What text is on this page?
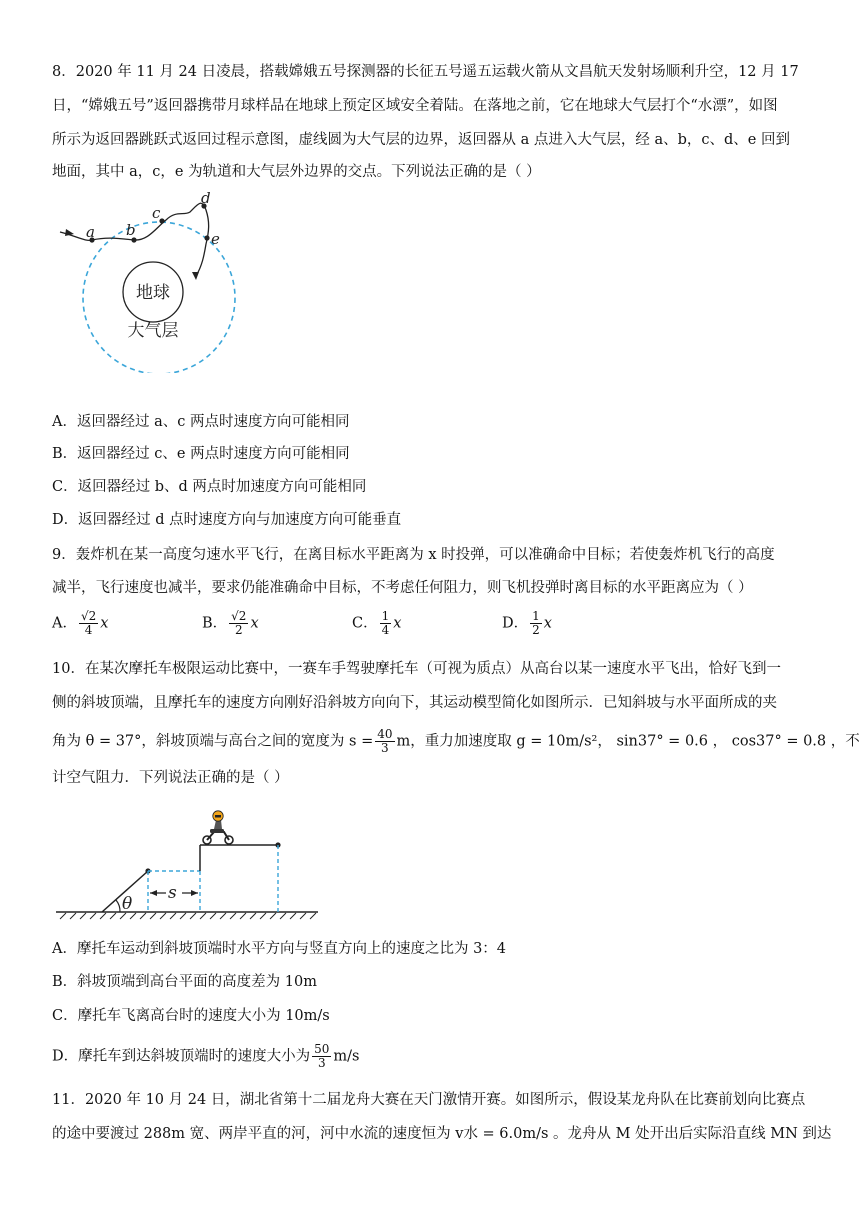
8．2020 年 11 月 24 日凌晨，搭载嫦娥五号探测器的长征五号遥五运载火箭从文昌航天发射场顺利升空，12 月 17
日，“嫦娥五号”返回器携带月球样品在地球上预定区域安全着陆。在落地之前，它在地球大气层打个“水漂”，如图
所示为返回器跳跃式返回过程示意图，虚线圆为大气层的边界，返回器从 a 点进入大气层，经 a、b，c、d、e 回到
地面，其中 a，c，e 为轨道和大气层外边界的交点。下列说法正确的是（ ）
地球
大气层
a b
c
d
e
A．返回器经过 a、c 两点时速度方向可能相同
B．返回器经过 c、e 两点时速度方向可能相同
C．返回器经过 b、d 两点时加速度方向可能相同
D．返回器经过 d 点时速度方向与加速度方向可能垂直
9．轰炸机在某一高度匀速水平飞行，在离目标水平距离为 x 时投弹，可以准确命中目标；若使轰炸机飞行的高度
减半，飞行速度也减半，要求仍能准确命中目标，不考虑任何阻力，则飞机投弹时离目标的水平距离应为（ ）
A． $\frac{√2}{4}$ x	B． $\frac{√2}{2}$ x	C． $\frac{1}{4}$ x	D． $\frac{1}{2}$ x
10．在某次摩托车极限运动比赛中，一赛车手驾驶摩托车（可视为质点）从高台以某一速度水平飞出，恰好飞到一
侧的斜坡顶端，且摩托车的速度方向刚好沿斜坡方向向下，其运动模型简化如图所示．已知斜坡与水平面所成的夹
角为 θ = 37°，斜坡顶端与高台之间的宽度为 $s = \frac{40}{3}$ m，重力加速度取 g = 10m/s²， sin37° = 0.6 ， cos37° = 0.8 ，不
计空气阻力．下列说法正确的是（ ）
θ
s
A．摩托车运动到斜坡顶端时水平方向与竖直方向上的速度之比为 3：4
B．斜坡顶端到高台平面的高度差为 10m
C．摩托车飞离高台时的速度大小为 10m/s
D．摩托车到达斜坡顶端时的速度大小为 $\frac{50}{3} m/s$
11．2020 年 10 月 24 日，湖北省第十二届龙舟大赛在天门激情开赛。如图所示，假设某龙舟队在比赛前划向比赛点
的途中要渡过 288m 宽、两岸平直的河，河中水流的速度恒为 v水 = 6.0m/s 。龙舟从 M 处开出后实际沿直线 MN 到达
